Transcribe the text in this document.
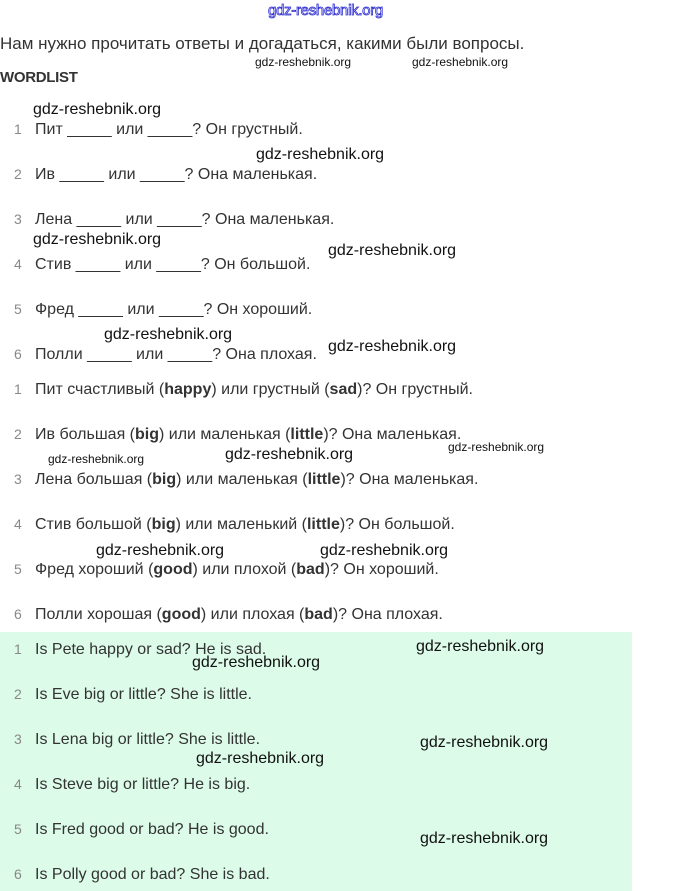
gdz-reshebnik.org
Нам нужно прочитать ответы и догадаться, какими были вопросы.
WORDLIST
1 Пит _____ или _____? Он грустный.
2 Ив _____ или _____? Она маленькая.
3 Лена _____ или _____? Она маленькая.
4 Стив _____ или _____? Он большой.
5 Фред _____ или _____? Он хороший.
6 Полли _____ или _____? Она плохая.
1 Пит счастливый (happy) или грустный (sad)? Он грустный.
2 Ив большая (big) или маленькая (little)? Она маленькая.
3 Лена большая (big) или маленькая (little)? Она маленькая.
4 Стив большой (big) или маленький (little)? Он большой.
5 Фред хороший (good) или плохой (bad)? Он хороший.
6 Полли хорошая (good) или плохая (bad)? Она плохая.
1 Is Pete happy or sad? He is sad.
2 Is Eve big or little? She is little.
3 Is Lena big or little? She is little.
4 Is Steve big or little? He is big.
5 Is Fred good or bad? He is good.
6 Is Polly good or bad? She is bad.
gdz-reshebnik.org	gdz-reshebnik.org
gdz-reshebnik.org
gdz-reshebnik.org
gdz-reshebnik.org
gdz-reshebnik.org
gdz-reshebnik.org
gdz-reshebnik.org
gdz-reshebnik.org
gdz-reshebnik.org	gdz-reshebnik.org
gdz-reshebnik.org	gdz-reshebnik.org
gdz-reshebnik.org
gdz-reshebnik.org
gdz-reshebnik.org
gdz-reshebnik.org
gdz-reshebnik.org
